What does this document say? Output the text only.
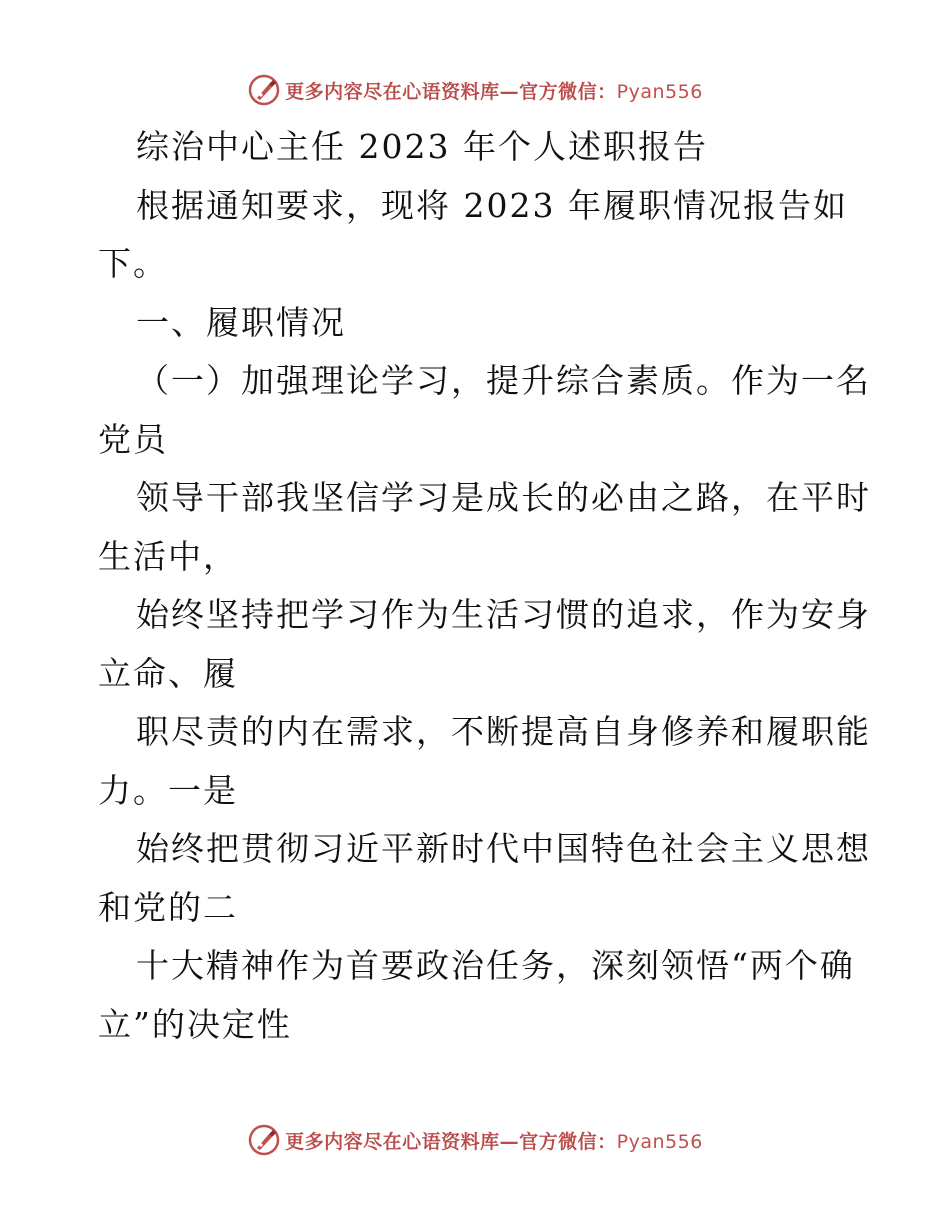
更多内容尽在心语资料库—官方微信：Pyan556
综治中心主任 2023 年个人述职报告
根据通知要求，现将 2023 年履职情况报告如
下。
一、履职情况
（一）加强理论学习，提升综合素质。作为一名
党员
领导干部我坚信学习是成长的必由之路，在平时
生活中，
始终坚持把学习作为生活习惯的追求，作为安身
立命、履
职尽责的内在需求，不断提高自身修养和履职能
力。一是
始终把贯彻习近平新时代中国特色社会主义思想
和党的二
十大精神作为首要政治任务，深刻领悟“两个确
立”的决定性
更多内容尽在心语资料库—官方微信：Pyan556
